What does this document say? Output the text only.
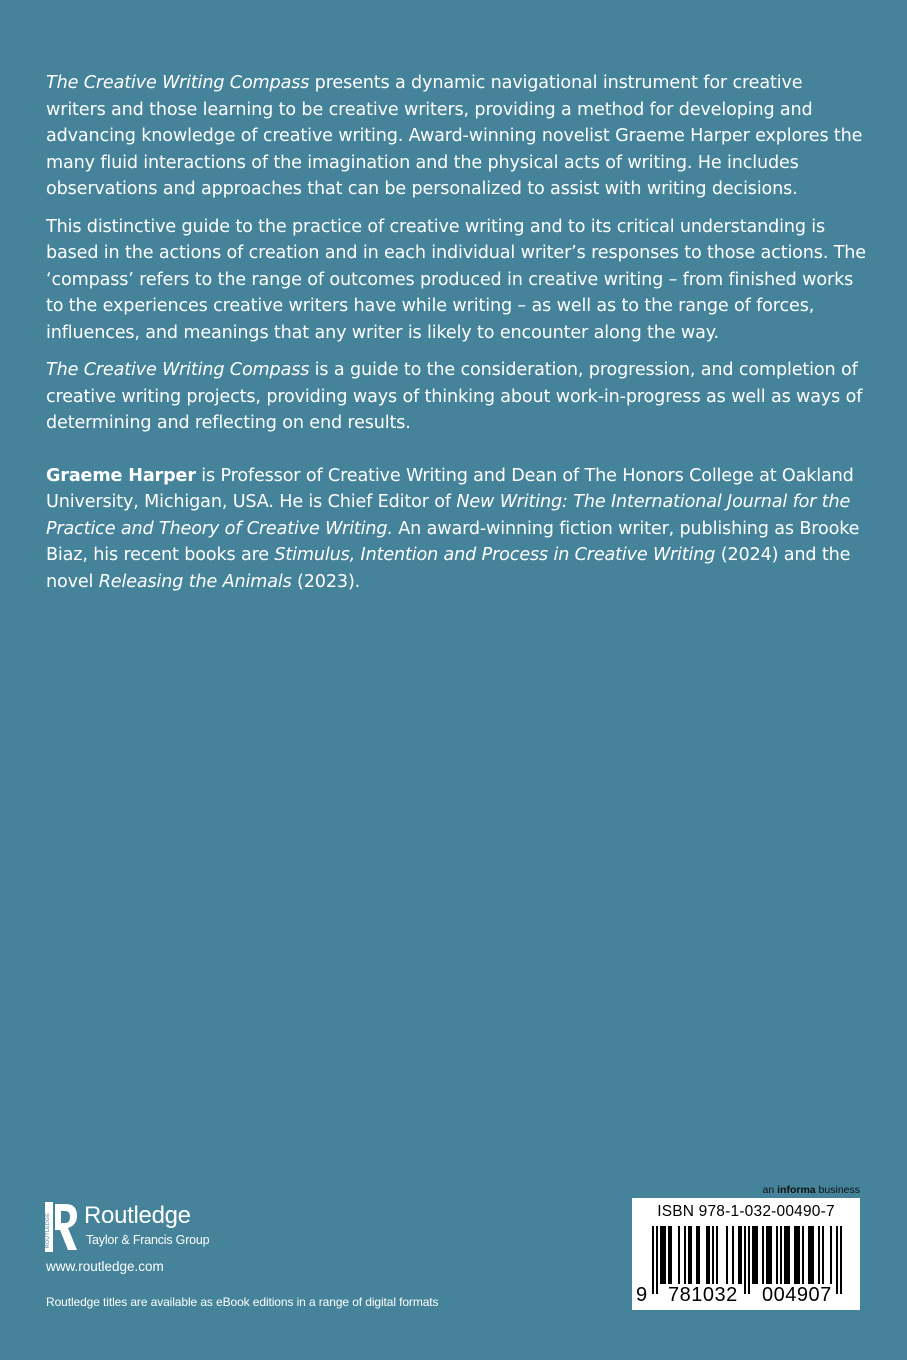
The Creative Writing Compass presents a dynamic navigational instrument for creative writers and those learning to be creative writers, providing a method for developing and advancing knowledge of creative writing. Award-winning novelist Graeme Harper explores the many fluid interactions of the imagination and the physical acts of writing. He includes observations and approaches that can be personalized to assist with writing decisions.

This distinctive guide to the practice of creative writing and to its critical understanding is based in the actions of creation and in each individual writer’s responses to those actions. The ‘compass’ refers to the range of outcomes produced in creative writing – from finished works to the experiences creative writers have while writing – as well as to the range of forces, influences, and meanings that any writer is likely to encounter along the way.

The Creative Writing Compass is a guide to the consideration, progression, and completion of creative writing projects, providing ways of thinking about work-in-progress as well as ways of determining and reflecting on end results.

Graeme Harper is Professor of Creative Writing and Dean of The Honors College at Oakland University, Michigan, USA. He is Chief Editor of New Writing: The International Journal for the Practice and Theory of Creative Writing. An award-winning fiction writer, publishing as Brooke Biaz, his recent books are Stimulus, Intention and Process in Creative Writing (2024) and the novel Releasing the Animals (2023).

ROUTLEDGE Routledge
Taylor & Francis Group
www.routledge.com
Routledge titles are available as eBook editions in a range of digital formats
an informa business
ISBN 978-1-032-00490-7
9 781032 004907
